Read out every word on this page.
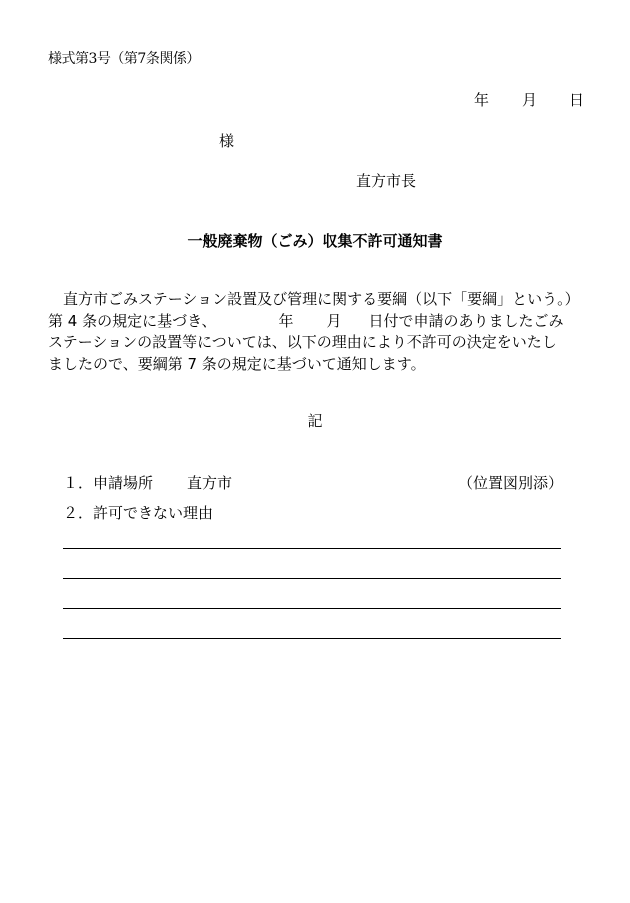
様式第3号（第7条関係）
年 月 日
様
直方市長
一般廃棄物（ごみ）収集不許可通知書

直方市ごみステーション設置及び管理に関する要綱（以下「要綱」という。）

第 4 条の規定に基づき、	年 月 日付で申請のありましたごみ

ステーションの設置等については、以下の理由により不許可の決定をいたし

ましたので、要綱第 7 条の規定に基づいて通知します。

記
１．申請場所 直方市	（位置図別添）
２．許可できない理由
